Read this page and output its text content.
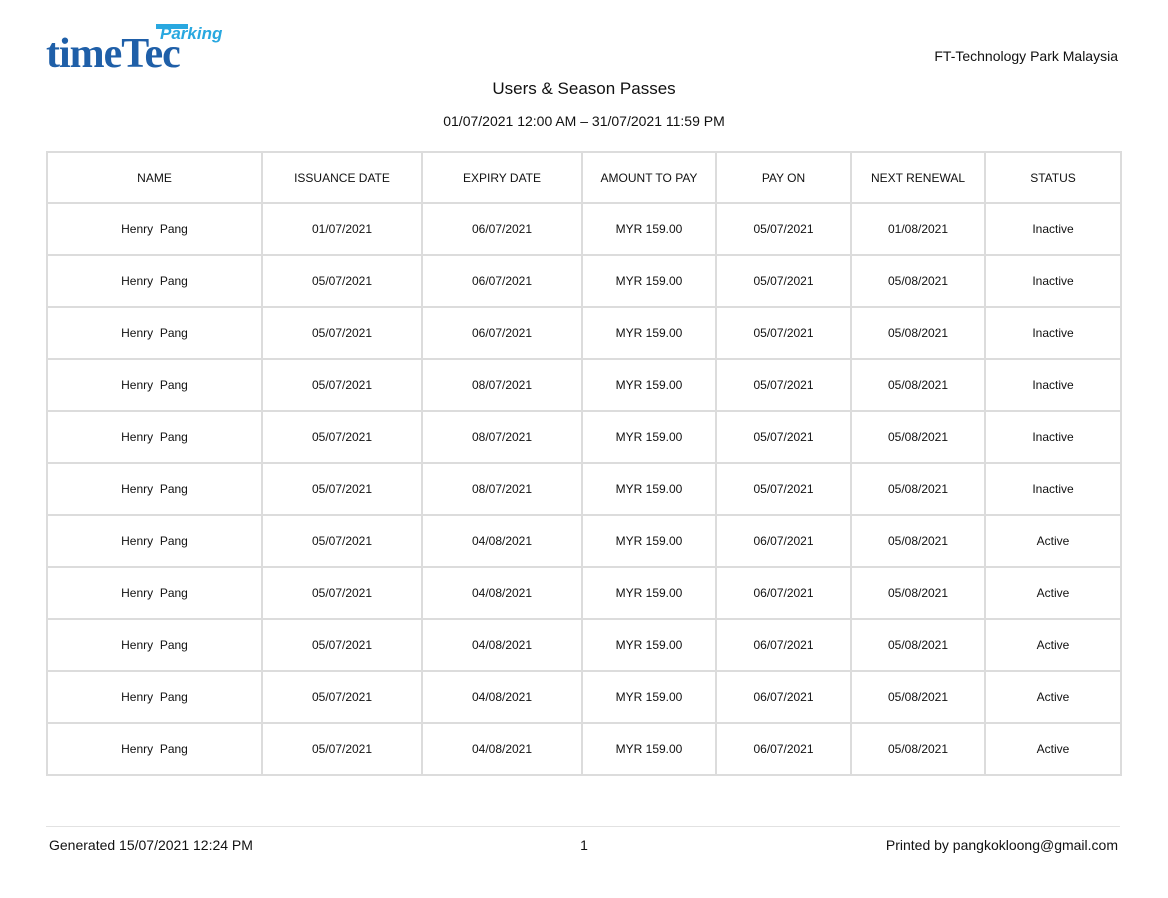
timeTec
Parking
FT-Technology Park Malaysia
Users & Season Passes
01/07/2021 12:00 AM – 31/07/2021 11:59 PM
NAME	ISSUANCE DATE	EXPIRY DATE	AMOUNT TO PAY	PAY ON	NEXT RENEWAL	STATUS
Henry  Pang	01/07/2021	06/07/2021	MYR 159.00	05/07/2021	01/08/2021	Inactive
Henry  Pang	05/07/2021	06/07/2021	MYR 159.00	05/07/2021	05/08/2021	Inactive
Henry  Pang	05/07/2021	06/07/2021	MYR 159.00	05/07/2021	05/08/2021	Inactive
Henry  Pang	05/07/2021	08/07/2021	MYR 159.00	05/07/2021	05/08/2021	Inactive
Henry  Pang	05/07/2021	08/07/2021	MYR 159.00	05/07/2021	05/08/2021	Inactive
Henry  Pang	05/07/2021	08/07/2021	MYR 159.00	05/07/2021	05/08/2021	Inactive
Henry  Pang	05/07/2021	04/08/2021	MYR 159.00	06/07/2021	05/08/2021	Active
Henry  Pang	05/07/2021	04/08/2021	MYR 159.00	06/07/2021	05/08/2021	Active
Henry  Pang	05/07/2021	04/08/2021	MYR 159.00	06/07/2021	05/08/2021	Active
Henry  Pang	05/07/2021	04/08/2021	MYR 159.00	06/07/2021	05/08/2021	Active
Henry  Pang	05/07/2021	04/08/2021	MYR 159.00	06/07/2021	05/08/2021	Active
Generated 15/07/2021 12:24 PM	1	Printed by pangkokloong@gmail.com
